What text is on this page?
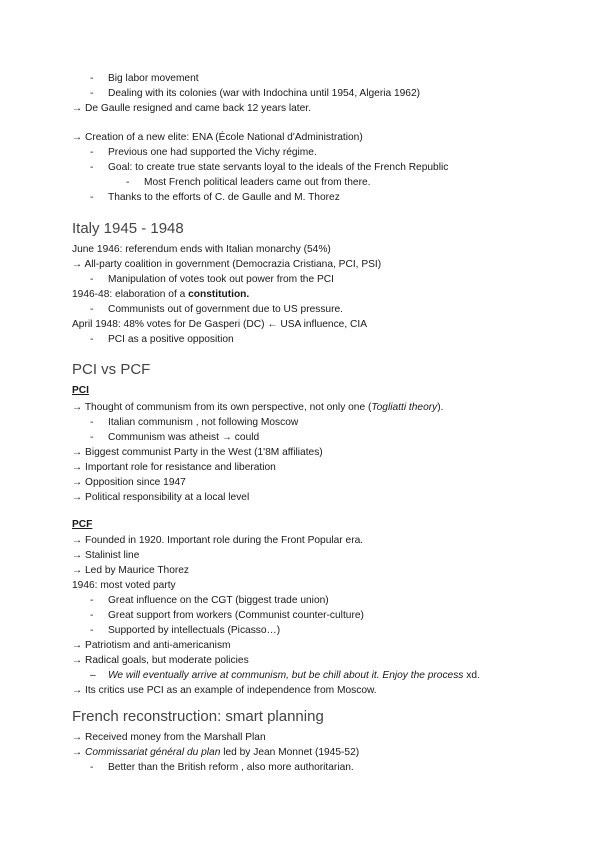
- Big labor movement
- Dealing with its colonies (war with Indochina until 1954, Algeria 1962)
→ De Gaulle resigned and came back 12 years later.
→ Creation of a new elite: ENA (École National d'Administration)
- Previous one had supported the Vichy régime.
- Goal: to create true state servants loyal to the ideals of the French Republic
- Most French political leaders came out from there.
- Thanks to the efforts of C. de Gaulle and M. Thorez
Italy 1945 - 1948
June 1946: referendum ends with Italian monarchy (54%)
→ All-party coalition in government (Democrazia Cristiana, PCI, PSI)
- Manipulation of votes took out power from the PCI
1946-48: elaboration of a constitution.
- Communists out of government due to US pressure.
April 1948: 48% votes for De Gasperi (DC) ← USA influence, CIA
- PCI as a positive opposition
PCI vs PCF
PCI
→ Thought of communism from its own perspective, not only one (Togliatti theory).
- Italian communism , not following Moscow
- Communism was atheist → could
→ Biggest communist Party in the West (1'8M affiliates)
→ Important role for resistance and liberation
→ Opposition since 1947
→ Political responsibility at a local level
PCF
→ Founded in 1920. Important role during the Front Popular era.
→ Stalinist line
→ Led by Maurice Thorez
1946: most voted party
- Great influence on the CGT (biggest trade union)
- Great support from workers (Communist counter-culture)
- Supported by intellectuals (Picasso…)
→ Patriotism and anti-americanism
→ Radical goals, but moderate policies
– We will eventually arrive at communism, but be chill about it. Enjoy the process xd.
→ Its critics use PCI as an example of independence from Moscow.
French reconstruction: smart planning
→ Received money from the Marshall Plan
→ Commissariat général du plan led by Jean Monnet (1945-52)
- Better than the British reform , also more authoritarian.
